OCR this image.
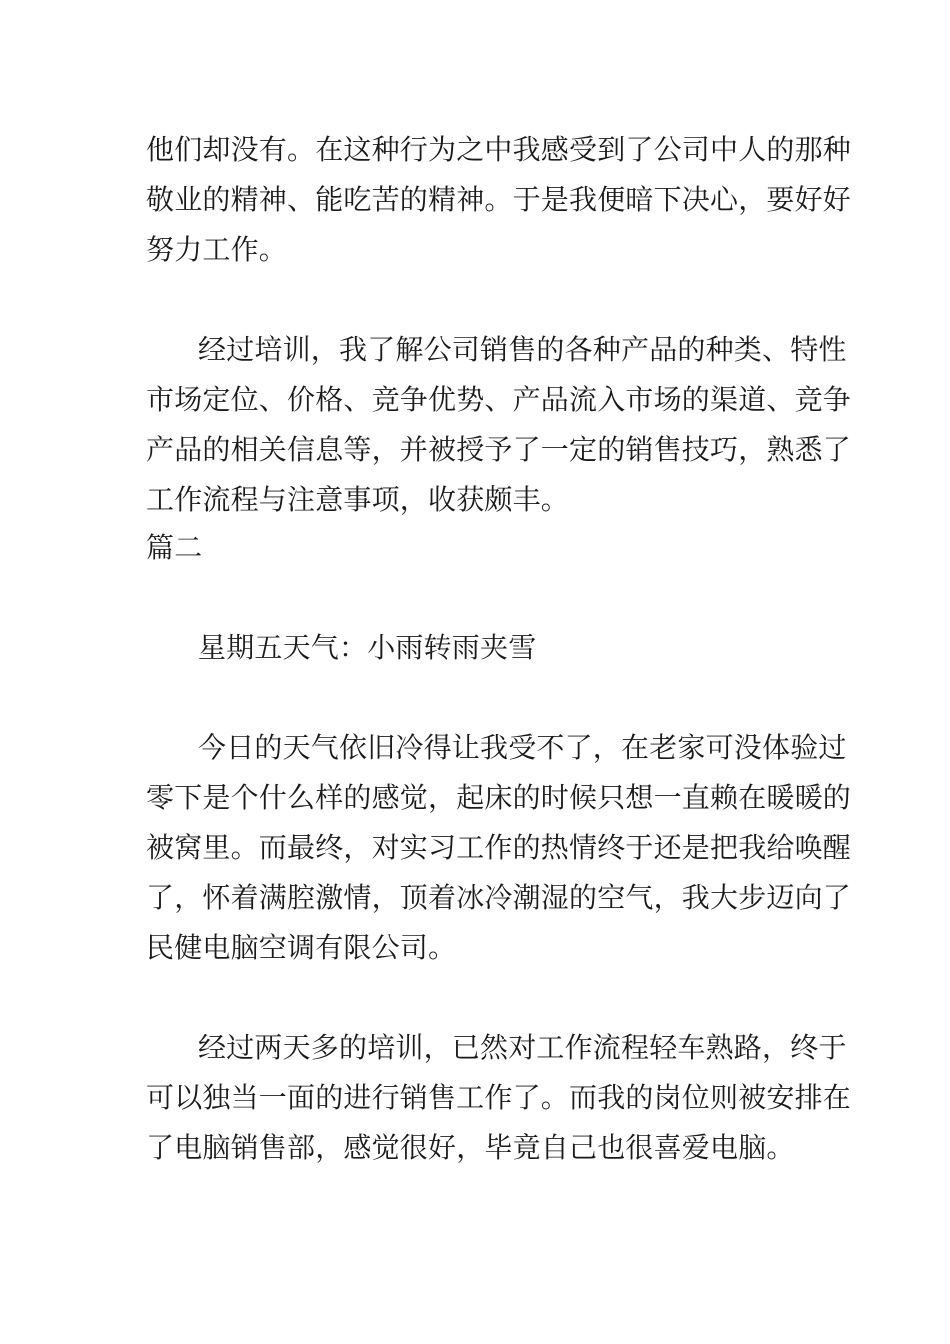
他们却没有。在这种行为之中我感受到了公司中人的那种
敬业的精神、能吃苦的精神。于是我便暗下决心，要好好
努力工作。
经过培训，我了解公司销售的各种产品的种类、特性
市场定位、价格、竞争优势、产品流入市场的渠道、竞争
产品的相关信息等，并被授予了一定的销售技巧，熟悉了
工作流程与注意事项，收获颇丰。
篇二
星期五天气：小雨转雨夹雪
今日的天气依旧冷得让我受不了，在老家可没体验过
零下是个什么样的感觉，起床的时候只想一直赖在暖暖的
被窝里。而最终，对实习工作的热情终于还是把我给唤醒
了，怀着满腔激情，顶着冰冷潮湿的空气，我大步迈向了
民健电脑空调有限公司。
经过两天多的培训，已然对工作流程轻车熟路，终于
可以独当一面的进行销售工作了。而我的岗位则被安排在
了电脑销售部，感觉很好，毕竟自己也很喜爱电脑。
